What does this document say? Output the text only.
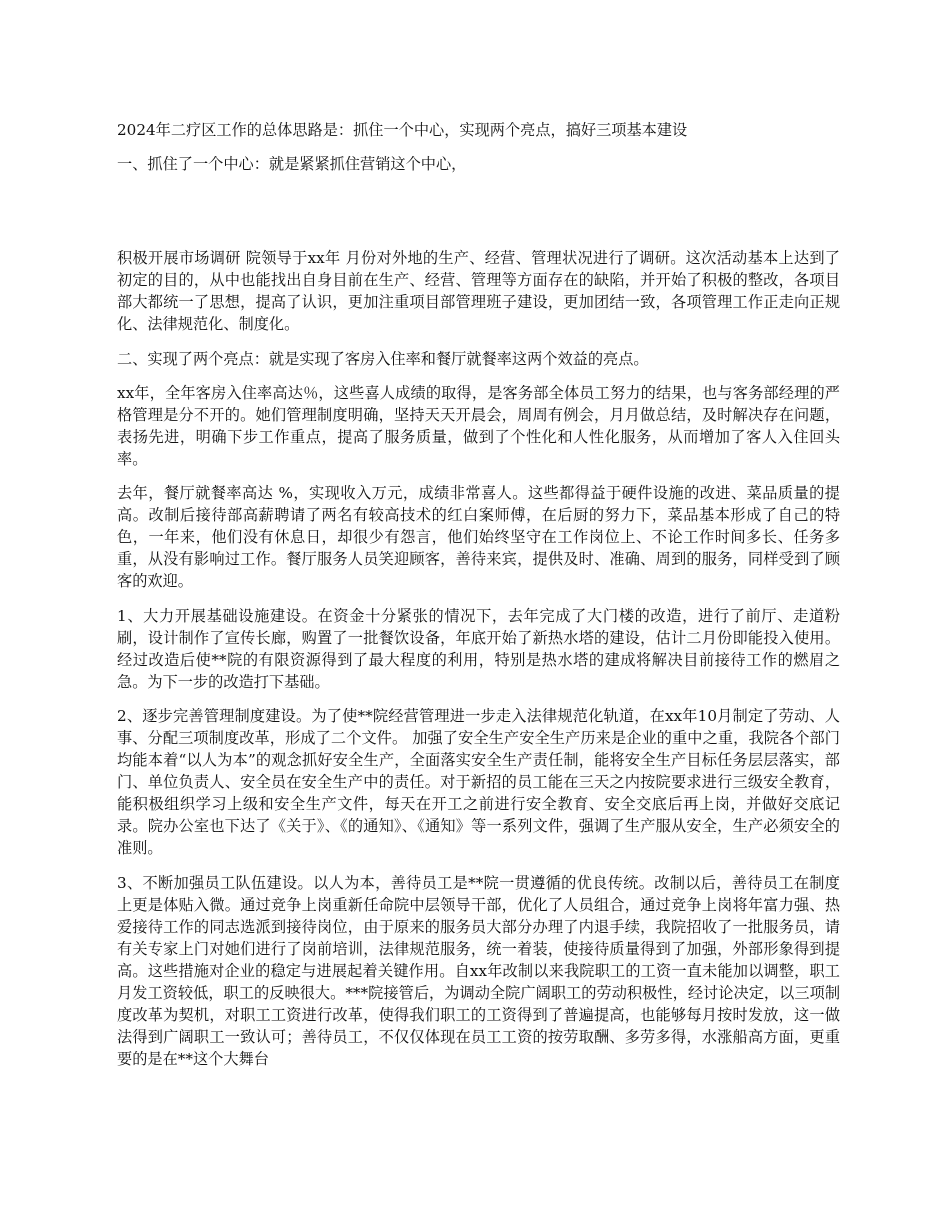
2024年二疗区工作的总体思路是：抓住一个中心，实现两个亮点，搞好三项基本建设

一、抓住了一个中心：就是紧紧抓住营销这个中心，

积极开展市场调研 院领导于xx年 月份对外地的生产、经营、管理状况进行了调研。这次活动基本上达到了初定的目的，从中也能找出自身目前在生产、经营、管理等方面存在的缺陷，并开始了积极的整改，各项目部大都统一了思想，提高了认识，更加注重项目部管理班子建设，更加团结一致，各项管理工作正走向正规化、法律规范化、制度化。

二、实现了两个亮点：就是实现了客房入住率和餐厅就餐率这两个效益的亮点。

xx年，全年客房入住率高达％，这些喜人成绩的取得，是客务部全体员工努力的结果，也与客务部经理的严格管理是分不开的。她们管理制度明确，坚持天天开晨会，周周有例会，月月做总结，及时解决存在问题，表扬先进，明确下步工作重点，提高了服务质量，做到了个性化和人性化服务，从而增加了客人入住回头率。

去年，餐厅就餐率高达 %，实现收入万元，成绩非常喜人。这些都得益于硬件设施的改进、菜品质量的提高。改制后接待部高薪聘请了两名有较高技术的红白案师傅，在后厨的努力下，菜品基本形成了自己的特色，一年来，他们没有休息日，却很少有怨言，他们始终坚守在工作岗位上、不论工作时间多长、任务多重，从没有影响过工作。餐厅服务人员笑迎顾客，善待来宾，提供及时、准确、周到的服务，同样受到了顾客的欢迎。

1、大力开展基础设施建设。在资金十分紧张的情况下，去年完成了大门楼的改造，进行了前厅、走道粉刷，设计制作了宣传长廊，购置了一批餐饮设备，年底开始了新热水塔的建设，估计二月份即能投入使用。经过改造后使**院的有限资源得到了最大程度的利用，特别是热水塔的建成将解决目前接待工作的燃眉之急。为下一步的改造打下基础。

2、逐步完善管理制度建设。为了使**院经营管理进一步走入法律规范化轨道，在xx年10月制定了劳动、人事、分配三项制度改革，形成了二个文件。 加强了安全生产安全生产历来是企业的重中之重，我院各个部门均能本着“以人为本”的观念抓好安全生产，全面落实安全生产责任制，能将安全生产目标任务层层落实，部门、单位负责人、安全员在安全生产中的责任。对于新招的员工能在三天之内按院要求进行三级安全教育，能积极组织学习上级和安全生产文件，每天在开工之前进行安全教育、安全交底后再上岗，并做好交底记录。院办公室也下达了《关于》、《的通知》、《通知》等一系列文件，强调了生产服从安全，生产必须安全的准则。

3、不断加强员工队伍建设。以人为本，善待员工是**院一贯遵循的优良传统。改制以后，善待员工在制度上更是体贴入微。通过竞争上岗重新任命院中层领导干部，优化了人员组合，通过竞争上岗将年富力强、热爱接待工作的同志选派到接待岗位，由于原来的服务员大部分办理了内退手续，我院招收了一批服务员，请有关专家上门对她们进行了岗前培训，法律规范服务，统一着装，使接待质量得到了加强，外部形象得到提高。这些措施对企业的稳定与进展起着关键作用。自xx年改制以来我院职工的工资一直未能加以调整，职工月发工资较低，职工的反映很大。***院接管后，为调动全院广阔职工的劳动积极性，经讨论决定，以三项制度改革为契机，对职工工资进行改革，使得我们职工的工资得到了普遍提高，也能够每月按时发放，这一做法得到广阔职工一致认可；善待员工，不仅仅体现在员工工资的按劳取酬、多劳多得，水涨船高方面，更重要的是在**这个大舞台
